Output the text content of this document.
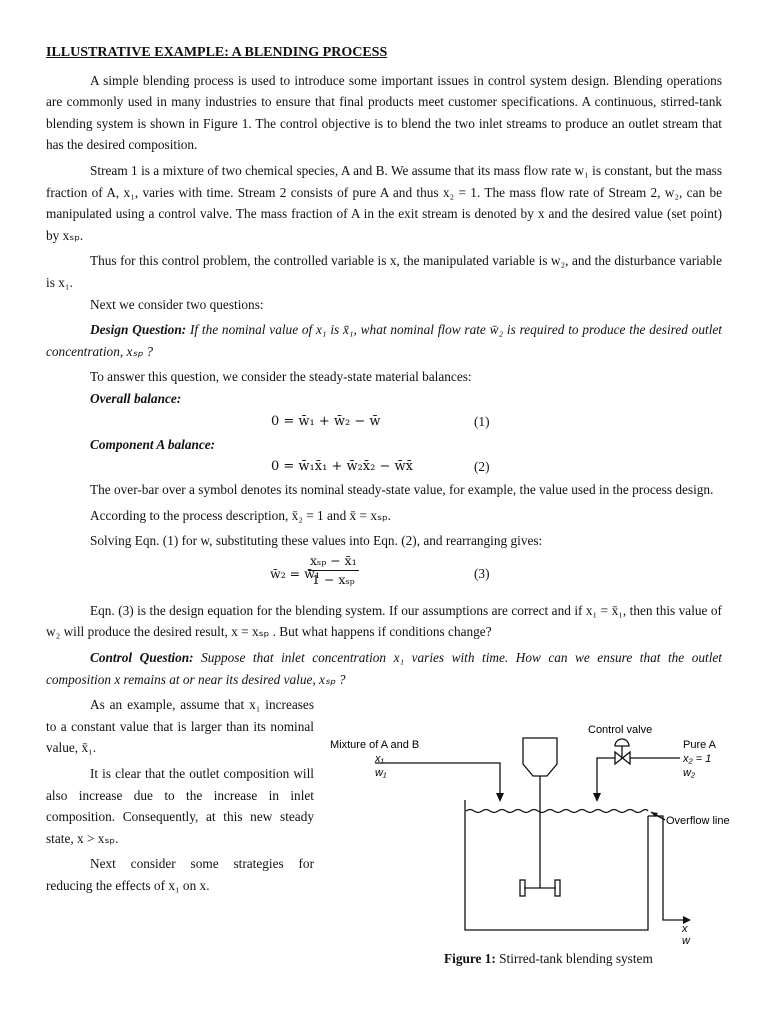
ILLUSTRATIVE EXAMPLE: A BLENDING PROCESS

A simple blending process is used to introduce some important issues in control system design. Blending operations are commonly used in many industries to ensure that final products meet customer specifications. A continuous, stirred-tank blending system is shown in Figure 1. The control objective is to blend the two inlet streams to produce an outlet stream that has the desired composition.

Stream 1 is a mixture of two chemical species, A and B. We assume that its mass flow rate w₁ is constant, but the mass fraction of A, x₁, varies with time. Stream 2 consists of pure A and thus x₂ = 1. The mass flow rate of Stream 2, w₂, can be manipulated using a control valve. The mass fraction of A in the exit stream is denoted by x and the desired value (set point) by xₛₚ.

Thus for this control problem, the controlled variable is x, the manipulated variable is w₂, and the disturbance variable is x₁.

Next we consider two questions:

Design Question: If the nominal value of x₁ is x̄₁, what nominal flow rate w̄₂ is required to produce the desired outlet concentration, xₛₚ ?

To answer this question, we consider the steady-state material balances:

Overall balance:

0 = w̄₁ + w̄₂ − w̄	(1)

Component A balance:

0 = w̄₁x̄₁ + w̄₂x̄₂ − w̄x̄	(2)

The over-bar over a symbol denotes its nominal steady-state value, for example, the value used in the process design.

According to the process description, x̄₂ = 1 and x̄ = xₛₚ.

Solving Eqn. (1) for w, substituting these values into Eqn. (2), and rearranging gives:

w̄₂ = w̄₁
xₛₚ − x̄₁
1 − xₛₚ	(3)

Eqn. (3) is the design equation for the blending system. If our assumptions are correct and if x₁ = x̄₁, then this value of w₂ will produce the desired result, x = xₛₚ . But what happens if conditions change?

Control Question: Suppose that inlet concentration x₁ varies with time. How can we ensure that the outlet composition x remains at or near its desired value, xₛₚ ?

As an example, assume that x₁ increases to a constant value that is larger than its nominal value, x̄₁.

It is clear that the outlet composition will also increase due to the increase in inlet composition. Consequently, at this new steady state, x > xₛₚ.

Next consider some strategies for reducing the effects of x₁ on x.

Control valve
Mixture of A and B
x₁
w₁
Pure A
x₂ = 1
w₂
Overflow line
x
w
Figure 1: Stirred-tank blending system
